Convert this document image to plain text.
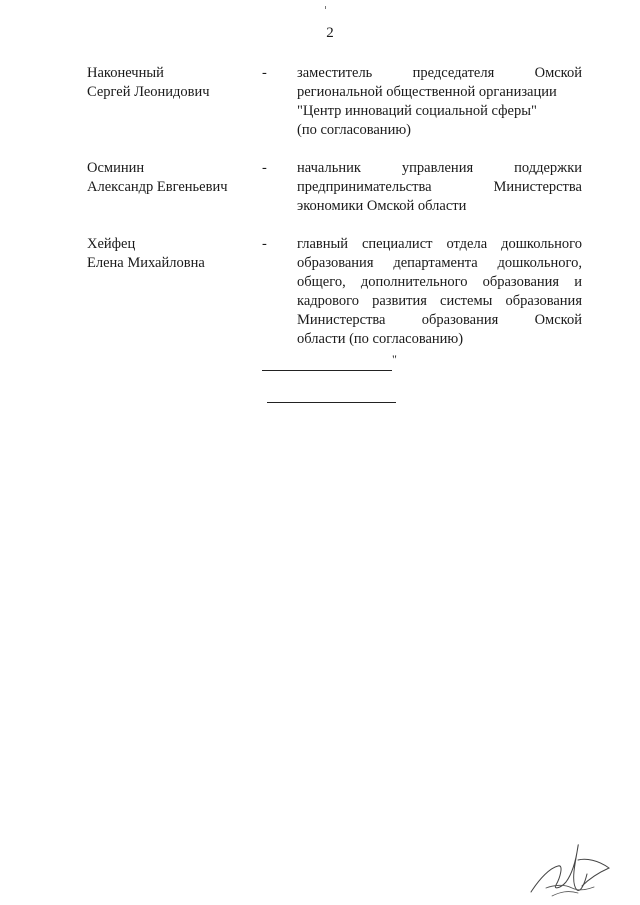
2
Наконечный
Сергей Леонидович
-	заместитель председателя Омской
региональной общественной организации
"Центр инноваций социальной сферы"
(по согласованию)
Осминин
Александр Евгеньевич
-	начальник управления поддержки
предпринимательства Министерства
экономики Омской области
Хейфец
Елена Михайловна
-	главный специалист отдела дошкольного
образования департамента дошкольного,
общего, дополнительного образования и
кадрового развития системы образования
Министерства образования Омской
области (по согласованию)
"
